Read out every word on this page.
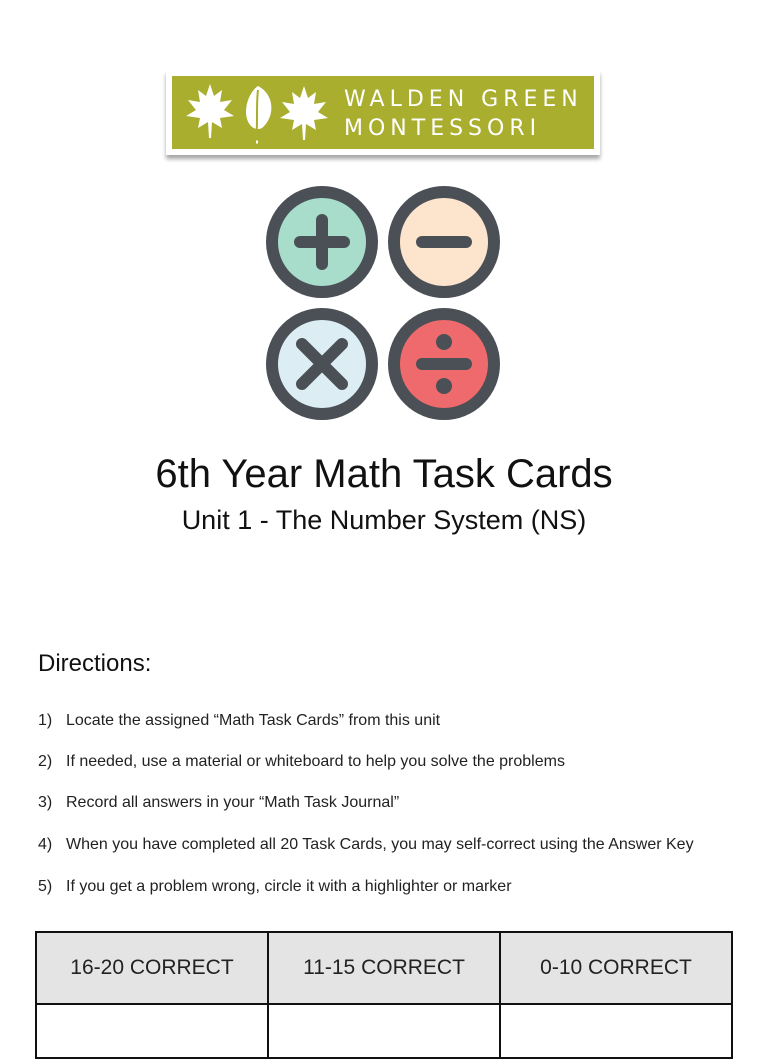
WALDEN GREEN
MONTESSORI
6th Year Math Task Cards
Unit 1 - The Number System (NS)
Directions:
1) Locate the assigned “Math Task Cards” from this unit
2) If needed, use a material or whiteboard to help you solve the problems
3) Record all answers in your “Math Task Journal”
4) When you have completed all 20 Task Cards, you may self-correct using the Answer Key
5) If you get a problem wrong, circle it with a highlighter or marker
16-20 CORRECT	11-15 CORRECT	0-10 CORRECT
